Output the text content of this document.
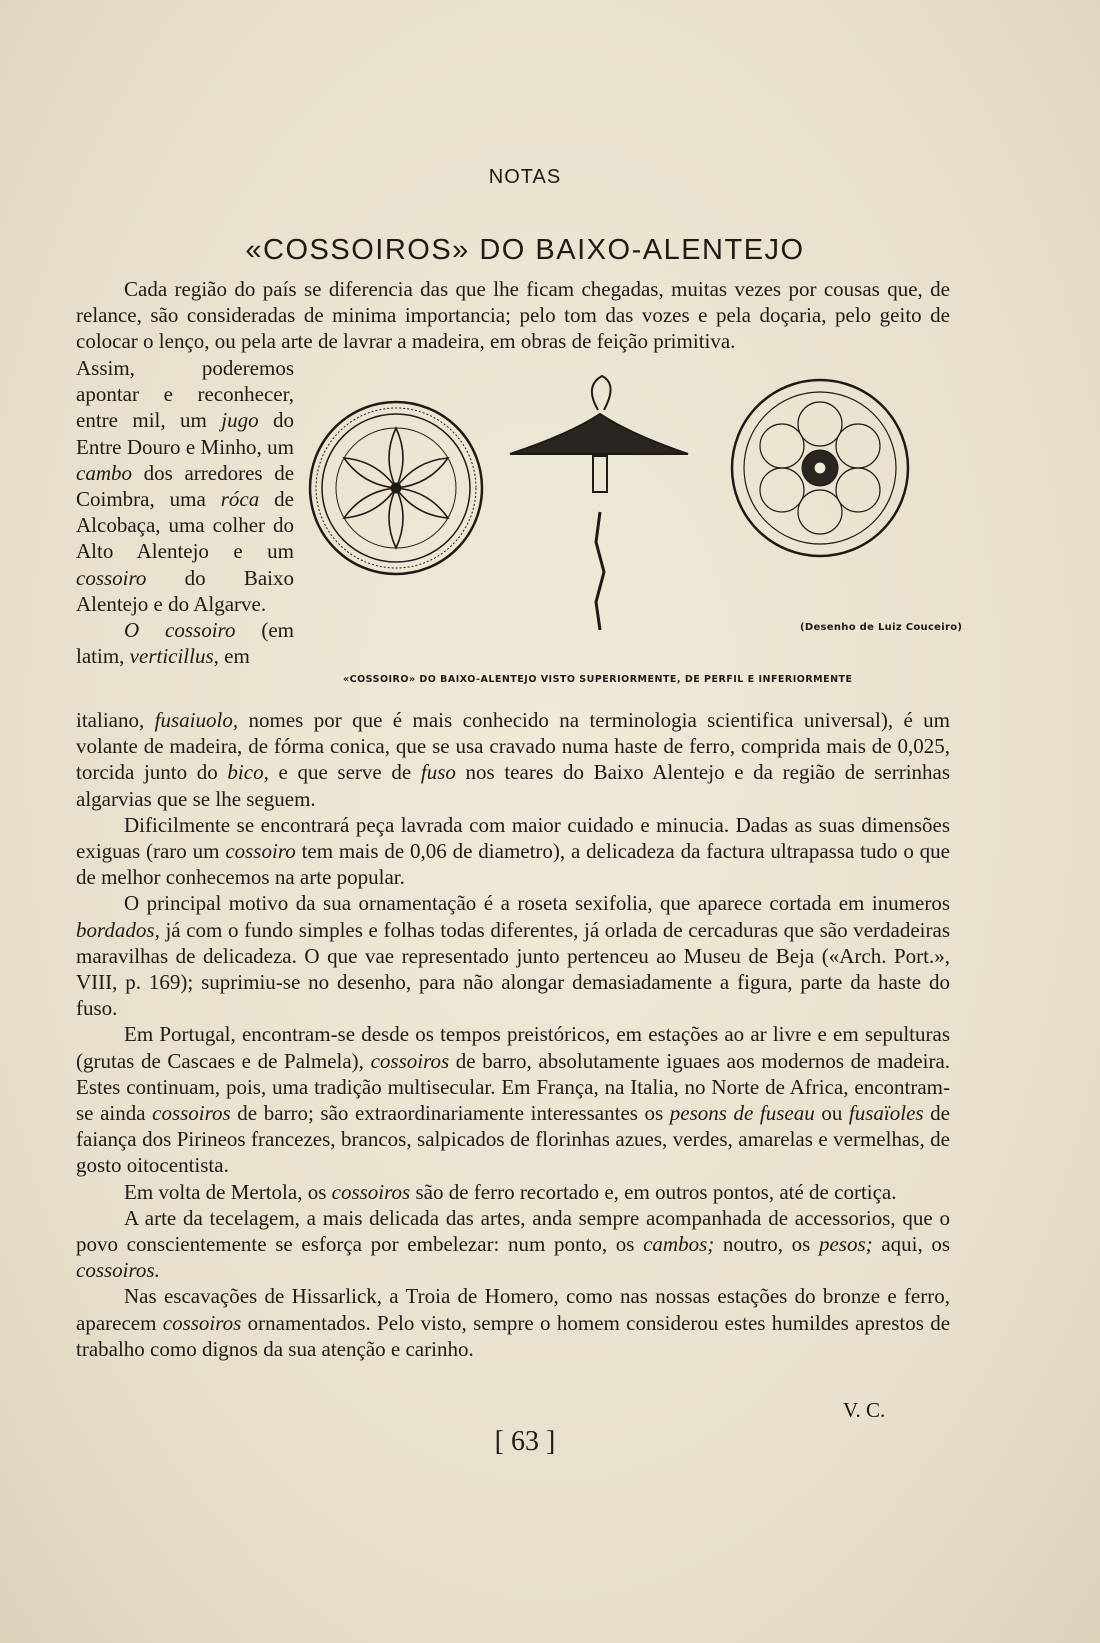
NOTAS
«COSSOIROS» DO BAIXO-ALENTEJO

Cada região do país se diferencia das que lhe ficam chegadas, muitas vezes por cousas que, de relance, são consideradas de minima importancia; pelo tom das vozes e pela doçaria, pelo geito de colocar o lenço, ou pela arte de lavrar a madeira, em obras de feição primitiva.

Assim, poderemos apontar e reconhecer, entre mil, um jugo do Entre Douro e Minho, um cambo dos arredores de Coimbra, uma róca de Alcobaça, uma colher do Alto Alentejo e um cossoiro do Baixo Alentejo e do Algarve.
O cossoiro (em latim, verticillus, em
(Desenho de Luiz Couceiro)
«COSSOIRO» DO BAIXO-ALENTEJO VISTO SUPERIORMENTE, DE PERFIL E INFERIORMENTE

italiano, fusaiuolo, nomes por que é mais conhecido na terminologia scientifica universal), é um volante de madeira, de fórma conica, que se usa cravado numa haste de ferro, comprida mais de 0,025, torcida junto do bico, e que serve de fuso nos teares do Baixo Alentejo e da região de serrinhas algarvias que se lhe seguem.

Dificilmente se encontrará peça lavrada com maior cuidado e minucia. Dadas as suas dimensões exiguas (raro um cossoiro tem mais de 0,06 de diametro), a delicadeza da factura ultrapassa tudo o que de melhor conhecemos na arte popular.

O principal motivo da sua ornamentação é a roseta sexifolia, que aparece cortada em inumeros bordados, já com o fundo simples e folhas todas diferentes, já orlada de cercaduras que são verdadeiras maravilhas de delicadeza. O que vae representado junto pertenceu ao Museu de Beja («Arch. Port.», VIII, p. 169); suprimiu-se no desenho, para não alongar demasiadamente a figura, parte da haste do fuso.

Em Portugal, encontram-se desde os tempos preistóricos, em estações ao ar livre e em sepulturas (grutas de Cascaes e de Palmela), cossoiros de barro, absolutamente iguaes aos modernos de madeira. Estes continuam, pois, uma tradição multisecular. Em França, na Italia, no Norte de Africa, encontram-se ainda cossoiros de barro; são extraordinariamente interessantes os pesons de fuseau ou fusaïoles de faiança dos Pirineos francezes, brancos, salpicados de florinhas azues, verdes, amarelas e vermelhas, de gosto oitocentista.

Em volta de Mertola, os cossoiros são de ferro recortado e, em outros pontos, até de cortiça.

A arte da tecelagem, a mais delicada das artes, anda sempre acompanhada de accessorios, que o povo conscientemente se esforça por embelezar: num ponto, os cambos; noutro, os pesos; aqui, os cossoiros.

Nas escavações de Hissarlick, a Troia de Homero, como nas nossas estações do bronze e ferro, aparecem cossoiros ornamentados. Pelo visto, sempre o homem considerou estes humildes aprestos de trabalho como dignos da sua atenção e carinho.

V. C.
[ 63 ]
